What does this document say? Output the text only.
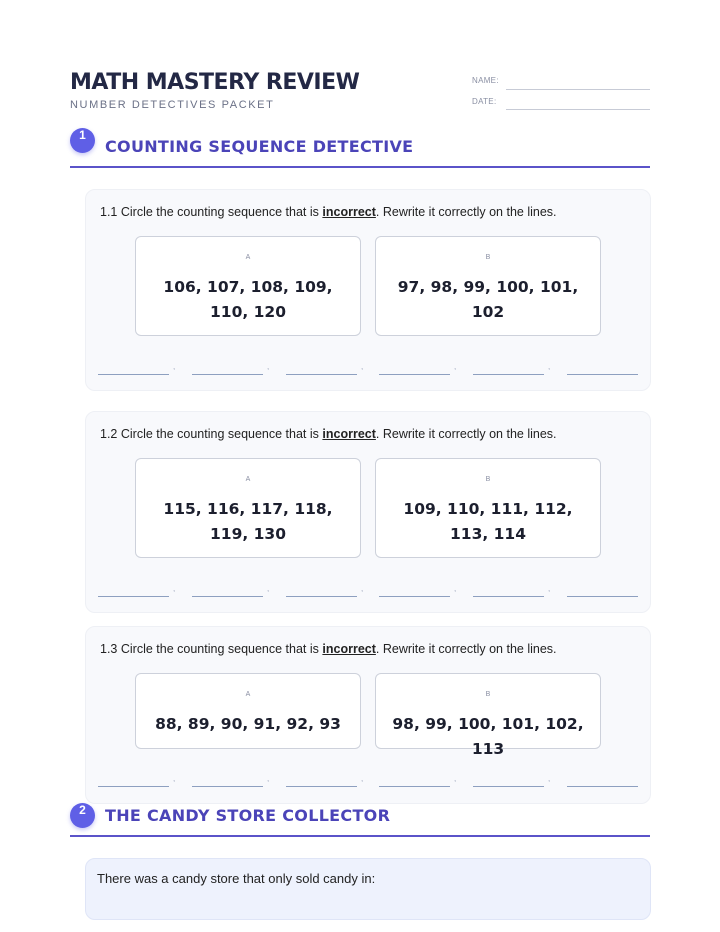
MATH MASTERY REVIEW
NUMBER DETECTIVES PACKET
NAME:
DATE:
1
COUNTING SEQUENCE DETECTIVE
1.1 Circle the counting sequence that is incorrect. Rewrite it correctly on the lines.
A
106, 107, 108, 109, 110, 120
B
97, 98, 99, 100, 101, 102
,	,	,	,	,
1.2 Circle the counting sequence that is incorrect. Rewrite it correctly on the lines.
A
115, 116, 117, 118, 119, 130
B
109, 110, 111, 112, 113, 114
,	,	,	,	,
1.3 Circle the counting sequence that is incorrect. Rewrite it correctly on the lines.
A
88, 89, 90, 91, 92, 93
B
98, 99, 100, 101, 102, 113
,	,	,	,	,
2	THE CANDY STORE COLLECTOR
There was a candy store that only sold candy in:
